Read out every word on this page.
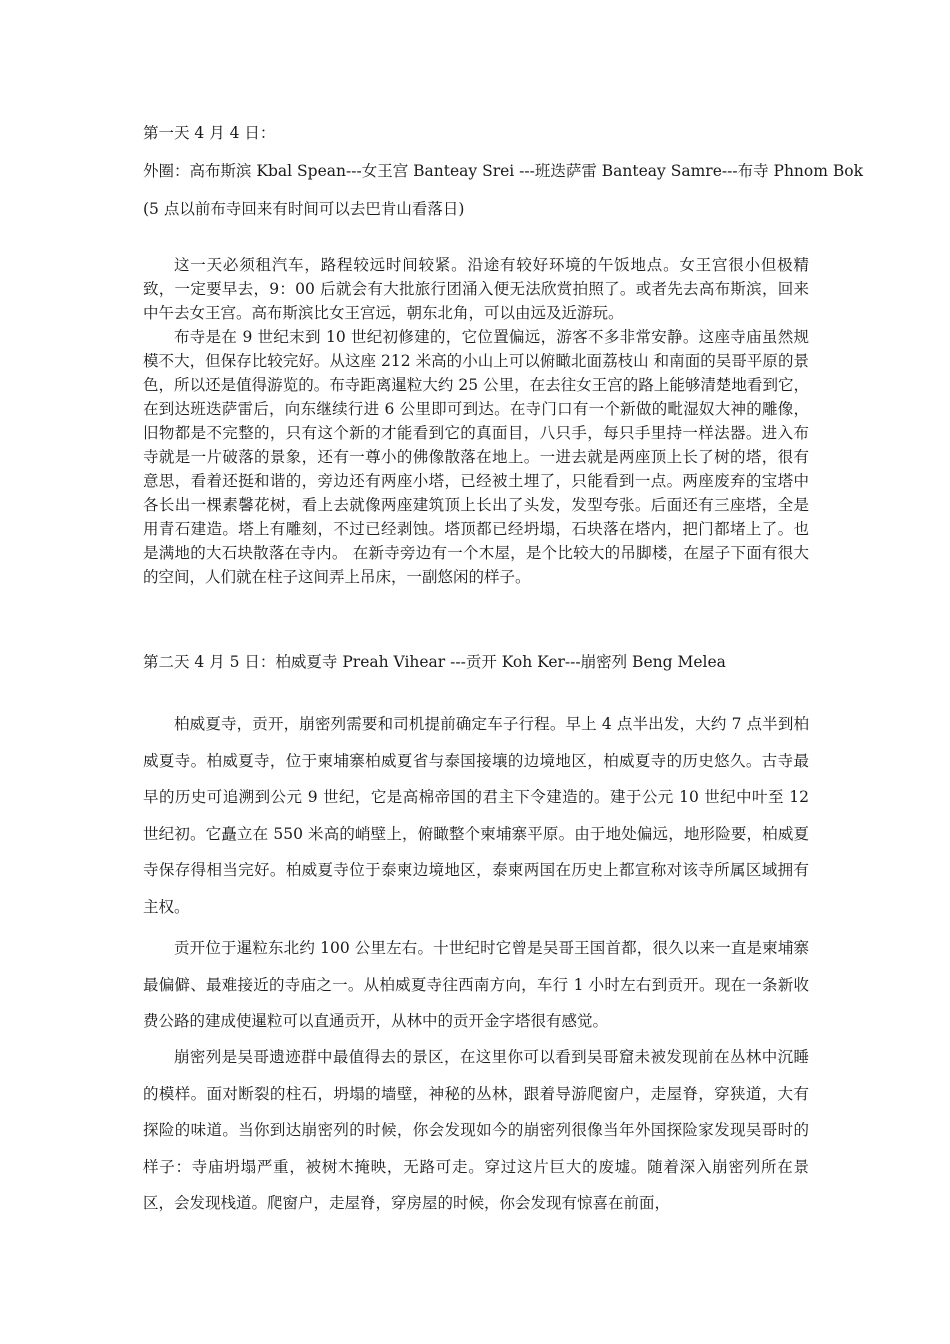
第一天 4 月 4 日：
外圈：高布斯滨 Kbal Spean---女王宫 Banteay Srei ---班迭萨雷 Banteay Samre---布寺 Phnom Bok
(5 点以前布寺回来有时间可以去巴肯山看落日)

这一天必须租汽车，路程较远时间较紧。沿途有较好环境的午饭地点。女王宫很小但极精致，一定要早去，9：00 后就会有大批旅行团涌入便无法欣赏拍照了。或者先去高布斯滨，回来中午去女王宫。高布斯滨比女王宫远，朝东北角，可以由远及近游玩。

布寺是在 9 世纪末到 10 世纪初修建的，它位置偏远，游客不多非常安静。这座寺庙虽然规模不大，但保存比较完好。从这座 212 米高的小山上可以俯瞰北面荔枝山 和南面的吴哥平原的景色，所以还是值得游览的。布寺距离暹粒大约 25 公里，在去往女王宫的路上能够清楚地看到它，在到达班迭萨雷后，向东继续行进 6 公里即可到达。在寺门口有一个新做的毗湿奴大神的雕像，旧物都是不完整的，只有这个新的才能看到它的真面目，八只手，每只手里持一样法器。进入布寺就是一片破落的景象，还有一尊小的佛像散落在地上。一进去就是两座顶上长了树的塔，很有意思，看着还挺和谐的，旁边还有两座小塔，已经被土埋了，只能看到一点。两座废弃的宝塔中各长出一棵素馨花树，看上去就像两座建筑顶上长出了头发，发型夸张。后面还有三座塔，全是用青石建造。塔上有雕刻，不过已经剥蚀。塔顶都已经坍塌，石块落在塔内，把门都堵上了。也是满地的大石块散落在寺内。 在新寺旁边有一个木屋，是个比较大的吊脚楼，在屋子下面有很大的空间，人们就在柱子这间弄上吊床，一副悠闲的样子。

第二天 4 月 5 日：柏威夏寺 Preah Vihear ---贡开 Koh Ker---崩密列 Beng Melea

柏威夏寺，贡开，崩密列需要和司机提前确定车子行程。早上 4 点半出发，大约 7 点半到柏威夏寺。柏威夏寺，位于柬埔寨柏威夏省与泰国接壤的边境地区，柏威夏寺的历史悠久。古寺最早的历史可追溯到公元 9 世纪，它是高棉帝国的君主下令建造的。建于公元 10 世纪中叶至 12 世纪初。它矗立在 550 米高的峭壁上，俯瞰整个柬埔寨平原。由于地处偏远，地形险要，柏威夏寺保存得相当完好。柏威夏寺位于泰柬边境地区，泰柬两国在历史上都宣称对该寺所属区域拥有主权。

贡开位于暹粒东北约 100 公里左右。十世纪时它曾是吴哥王国首都，很久以来一直是柬埔寨最偏僻、最难接近的寺庙之一。从柏威夏寺往西南方向，车行 1 小时左右到贡开。现在一条新收费公路的建成使暹粒可以直通贡开，从林中的贡开金字塔很有感觉。

崩密列是吴哥遗迹群中最值得去的景区，在这里你可以看到吴哥窟未被发现前在丛林中沉睡的模样。面对断裂的柱石，坍塌的墙壁，神秘的丛林，跟着导游爬窗户，走屋脊，穿狭道，大有探险的味道。当你到达崩密列的时候，你会发现如今的崩密列很像当年外国探险家发现吴哥时的样子：寺庙坍塌严重，被树木掩映，无路可走。穿过这片巨大的废墟。随着深入崩密列所在景区，会发现栈道。爬窗户，走屋脊，穿房屋的时候，你会发现有惊喜在前面，
